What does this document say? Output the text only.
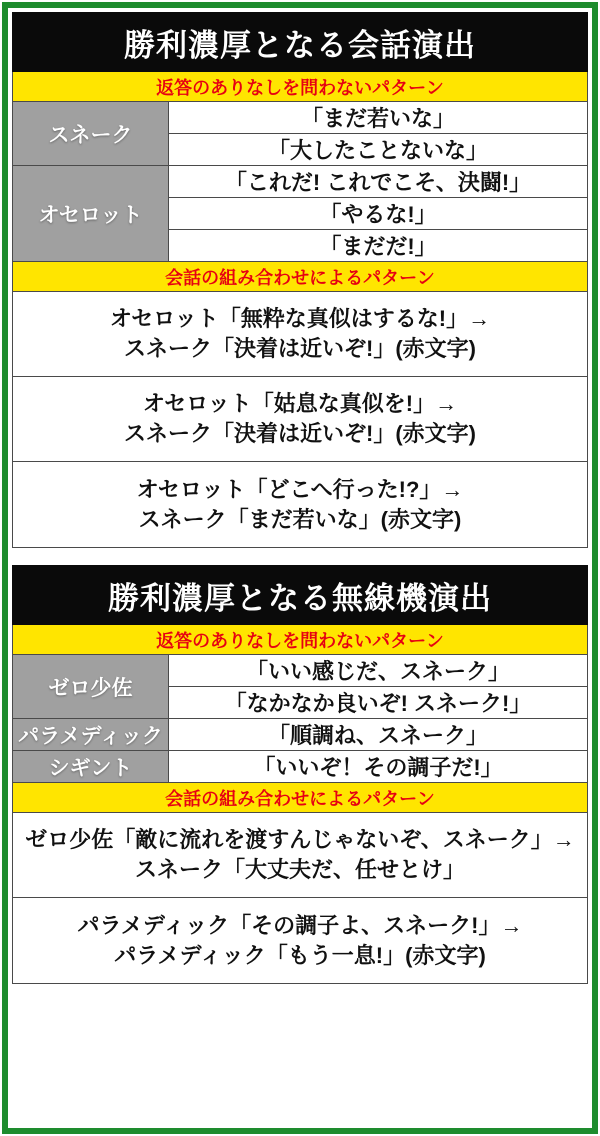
勝利濃厚となる会話演出
返答のありなしを問わないパターン
スネーク
「まだ若いな」
「大したことないな」
オセロット
「これだ! これでこそ、決闘!」
「やるな!」
「まだだ!」
会話の組み合わせによるパターン
オセロット「無粋な真似はするな!」→
スネーク「決着は近いぞ!」(赤文字)
オセロット「姑息な真似を!」→
スネーク「決着は近いぞ!」(赤文字)
オセロット「どこへ行った!?」→
スネーク「まだ若いな」(赤文字)
勝利濃厚となる無線機演出
返答のありなしを問わないパターン
ゼロ少佐
「いい感じだ、スネーク」
「なかなか良いぞ! スネーク!」
パラメディック	「順調ね、スネーク」
シギント	「いいぞ！その調子だ!」
会話の組み合わせによるパターン
ゼロ少佐「敵に流れを渡すんじゃないぞ、スネーク」→
スネーク「大丈夫だ、任せとけ」
パラメディック「その調子よ、スネーク!」→
パラメディック「もう一息!」(赤文字)
